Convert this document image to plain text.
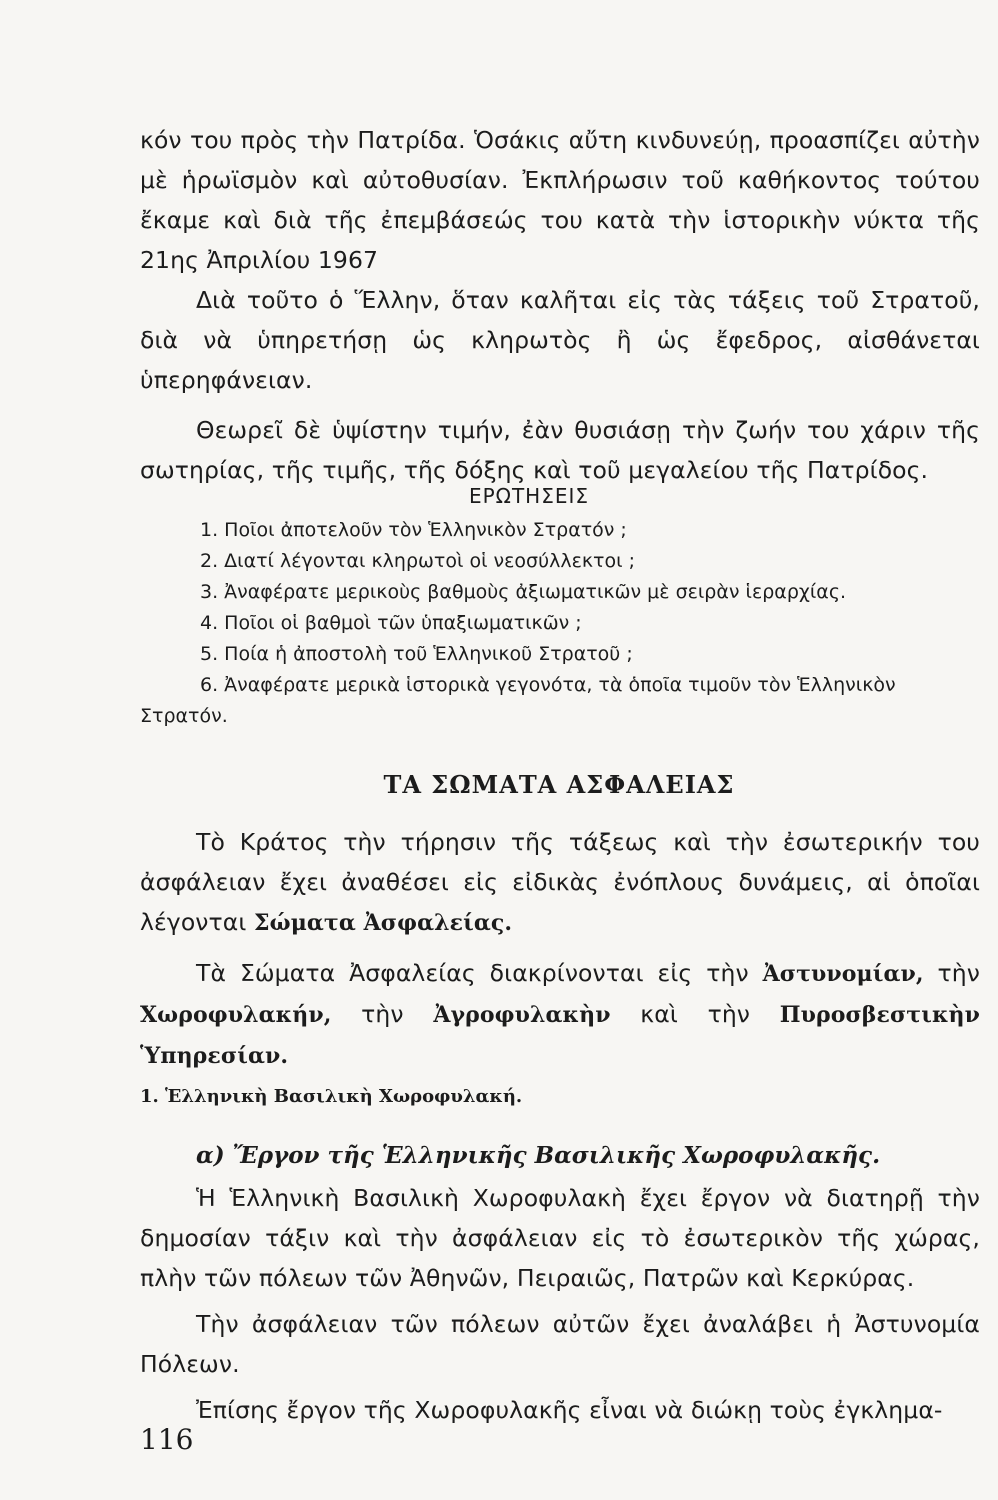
κόν του πρὸς τὴν Πατρίδα. Ὁσάκις αὔτη κινδυνεύῃ, προασπίζει αὐτὴν μὲ ἡρωϊσμὸν καὶ αὐτοθυσίαν. Ἐκπλήρωσιν τοῦ καθήκοντος τούτου ἔκαμε καὶ διὰ τῆς ἐπεμβάσεώς του κατὰ τὴν ἱστορικὴν νύκτα τῆς 21ης Ἀπριλίου 1967

Διὰ τοῦτο ὁ Ἕλλην, ὅταν καλῆται εἰς τὰς τάξεις τοῦ Στρατοῦ, διὰ νὰ ὑπηρετήσῃ ὡς κληρωτὸς ἢ ὡς ἔφεδρος, αἰσθάνεται ὑπερηφάνειαν.

Θεωρεῖ δὲ ὑψίστην τιμήν, ἐὰν θυσιάσῃ τὴν ζωήν του χάριν τῆς σωτηρίας, τῆς τιμῆς, τῆς δόξης καὶ τοῦ μεγαλείου τῆς Πατρίδος.

ΕΡΩΤΗΣΕΙΣ

1. Ποῖοι ἀποτελοῦν τὸν Ἑλληνικὸν Στρατόν ;

2. Διατί λέγονται κληρωτοὶ οἱ νεοσύλλεκτοι ;

3. Ἀναφέρατε μερικοὺς βαθμοὺς ἀξιωματικῶν μὲ σειρὰν ἱεραρχίας.

4. Ποῖοι οἱ βαθμοὶ τῶν ὑπαξιωματικῶν ;

5. Ποία ἡ ἀποστολὴ τοῦ Ἑλληνικοῦ Στρατοῦ ;

6. Ἀναφέρατε μερικὰ ἱστορικὰ γεγονότα, τὰ ὁποῖα τιμοῦν τὸν Ἑλληνικὸν Στρατόν.

ΤΑ ΣΩΜΑΤΑ ΑΣΦΑΛΕΙΑΣ

Τὸ Κράτος τὴν τήρησιν τῆς τάξεως καὶ τὴν ἐσωτερικήν του ἀσφάλειαν ἔχει ἀναθέσει εἰς εἰδικὰς ἐνόπλους δυνάμεις, αἱ ὁποῖαι λέγονται Σώματα Ἀσφαλείας.

Τὰ Σώματα Ἀσφαλείας διακρίνονται εἰς τὴν Ἀστυνομίαν, τὴν Χωροφυλακήν, τὴν Ἀγροφυλακὴν καὶ τὴν Πυροσβεστικὴν Ὑπηρεσίαν.

1. Ἑλληνικὴ Βασιλικὴ Χωροφυλακή.
α) Ἔργον τῆς Ἑλληνικῆς Βασιλικῆς Χωροφυλακῆς.

Ἡ Ἑλληνικὴ Βασιλικὴ Χωροφυλακὴ ἔχει ἔργον νὰ διατηρῇ τὴν δημοσίαν τάξιν καὶ τὴν ἀσφάλειαν εἰς τὸ ἐσωτερικὸν τῆς χώρας, πλὴν τῶν πόλεων τῶν Ἀθηνῶν, Πειραιῶς, Πατρῶν καὶ Κερκύρας.

Τὴν ἀσφάλειαν τῶν πόλεων αὐτῶν ἔχει ἀναλάβει ἡ Ἀστυνομία Πόλεων.

Ἐπίσης ἔργον τῆς Χωροφυλακῆς εἶναι νὰ διώκῃ τοὺς ἐγκλημα-

116
